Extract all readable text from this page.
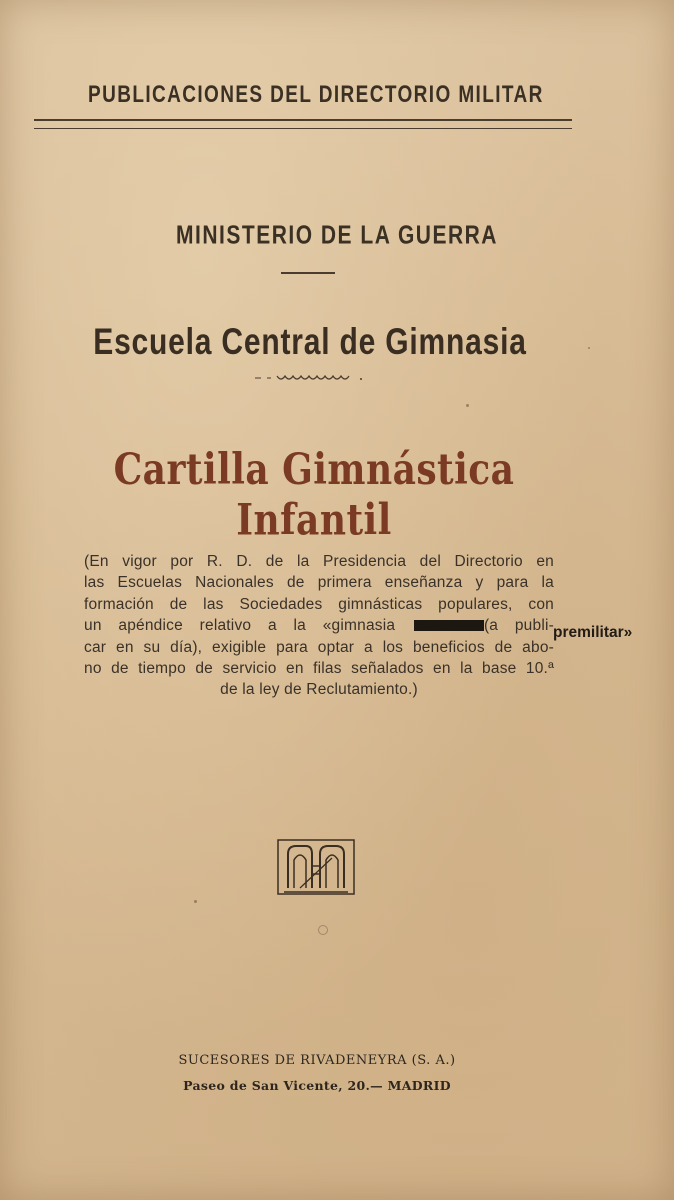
PUBLICACIONES DEL DIRECTORIO MILITAR
MINISTERIO DE LA GUERRA
Escuela Central de Gimnasia
Cartilla Gimnástica Infantil
(En vigor por R. D. de la Presidencia del Directorio en
las Escuelas Nacionales de primera enseñanza y para la
formación de las Sociedades gimnásticas populares, con
un apéndice relativo a la «gimnasia	(a publi-
car en su día), exigible para optar a los beneficios de abo-
no de tiempo de servicio en filas señalados en la base 10.ª
de la ley de Reclutamiento.)
premilitar»
SUCESORES DE RIVADENEYRA (S. A.)
Paseo de San Vicente, 20.— MADRID
